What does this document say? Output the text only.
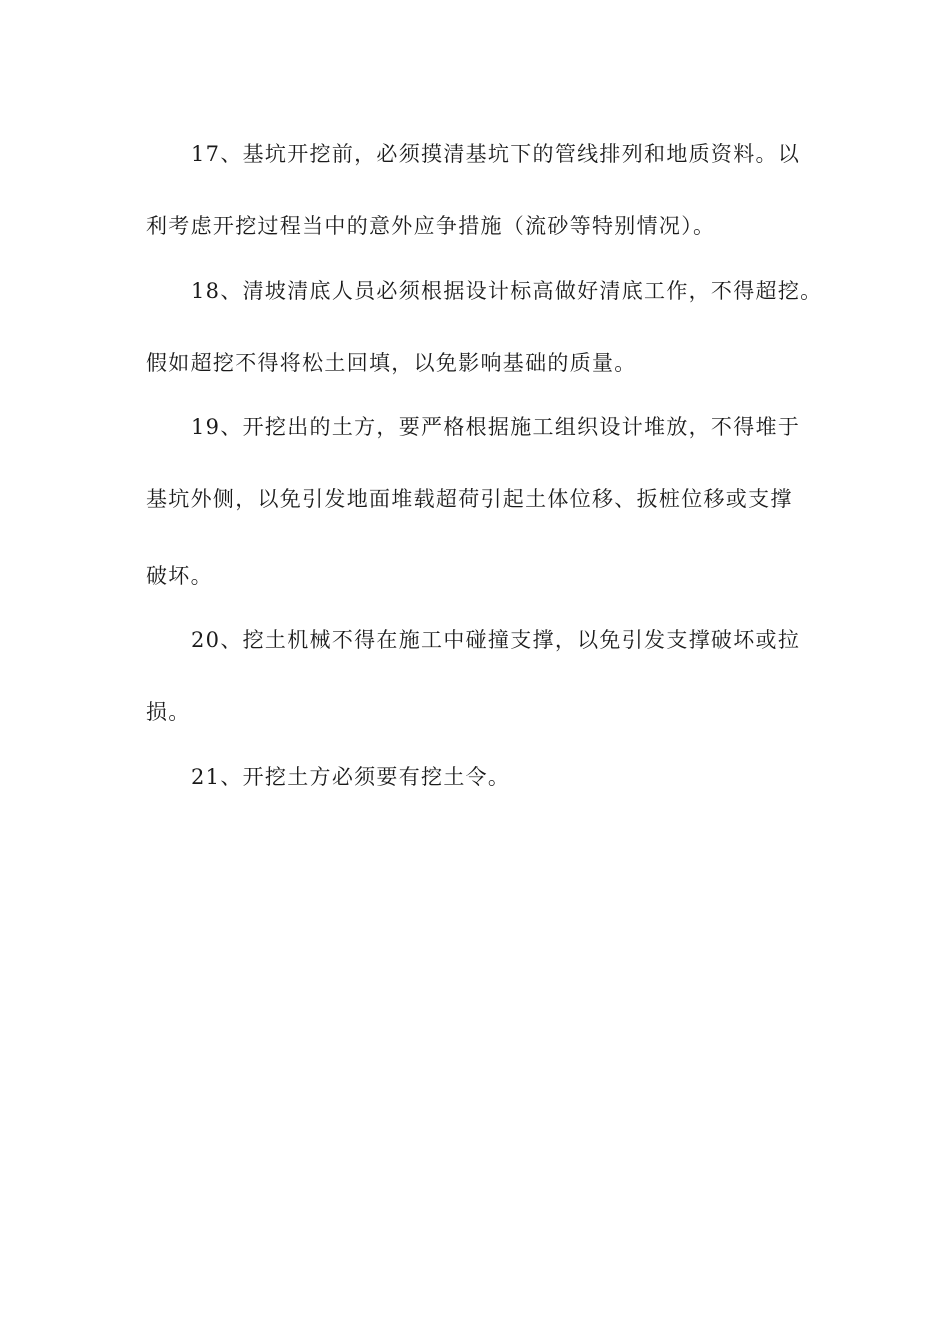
17、基坑开挖前，必须摸清基坑下的管线排列和地质资料。以
利考虑开挖过程当中的意外应争措施（流砂等特别情况）。
18、清坡清底人员必须根据设计标高做好清底工作，不得超挖。
假如超挖不得将松土回填，以免影响基础的质量。
19、开挖出的土方，要严格根据施工组织设计堆放，不得堆于
基坑外侧，以免引发地面堆载超荷引起土体位移、扳桩位移或支撑
破坏。
20、挖土机械不得在施工中碰撞支撑，以免引发支撑破坏或拉
损。
21、开挖土方必须要有挖土令。
